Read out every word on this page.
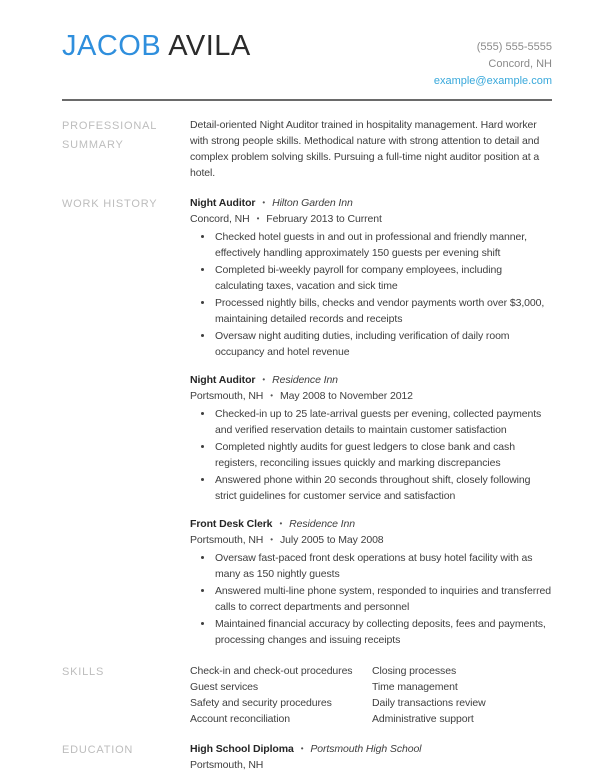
JACOB AVILA	(555) 555-5555
Concord, NH
example@example.com
PROFESSIONAL
SUMMARY

Detail-oriented Night Auditor trained in hospitality management. Hard worker with strong people skills. Methodical nature with strong attention to detail and complex problem solving skills. Pursuing a full-time night auditor position at a hotel.

WORK HISTORY	Night Auditor • Hilton Garden Inn
Concord, NH • February 2013 to Current
• Checked hotel guests in and out in professional and friendly manner, effectively handling approximately 150 guests per evening shift
• Completed bi-weekly payroll for company employees, including calculating taxes, vacation and sick time
• Processed nightly bills, checks and vendor payments worth over $3,000, maintaining detailed records and receipts
• Oversaw night auditing duties, including verification of daily room occupancy and hotel revenue
Night Auditor • Residence Inn
Portsmouth, NH • May 2008 to November 2012
• Checked-in up to 25 late-arrival guests per evening, collected payments and verified reservation details to maintain customer satisfaction
• Completed nightly audits for guest ledgers to close bank and cash registers, reconciling issues quickly and marking discrepancies
• Answered phone within 20 seconds throughout shift, closely following strict guidelines for customer service and satisfaction
Front Desk Clerk • Residence Inn
Portsmouth, NH • July 2005 to May 2008
• Oversaw fast-paced front desk operations at busy hotel facility with as many as 150 nightly guests
• Answered multi-line phone system, responded to inquiries and transferred calls to correct departments and personnel
• Maintained financial accuracy by collecting deposits, fees and payments, processing changes and issuing receipts
SKILLS	Check-in and check-out procedures
Guest services
Safety and security procedures
Account reconciliation
Closing processes
Time management
Daily transactions review
Administrative support
EDUCATION	High School Diploma • Portsmouth High School
Portsmouth, NH
